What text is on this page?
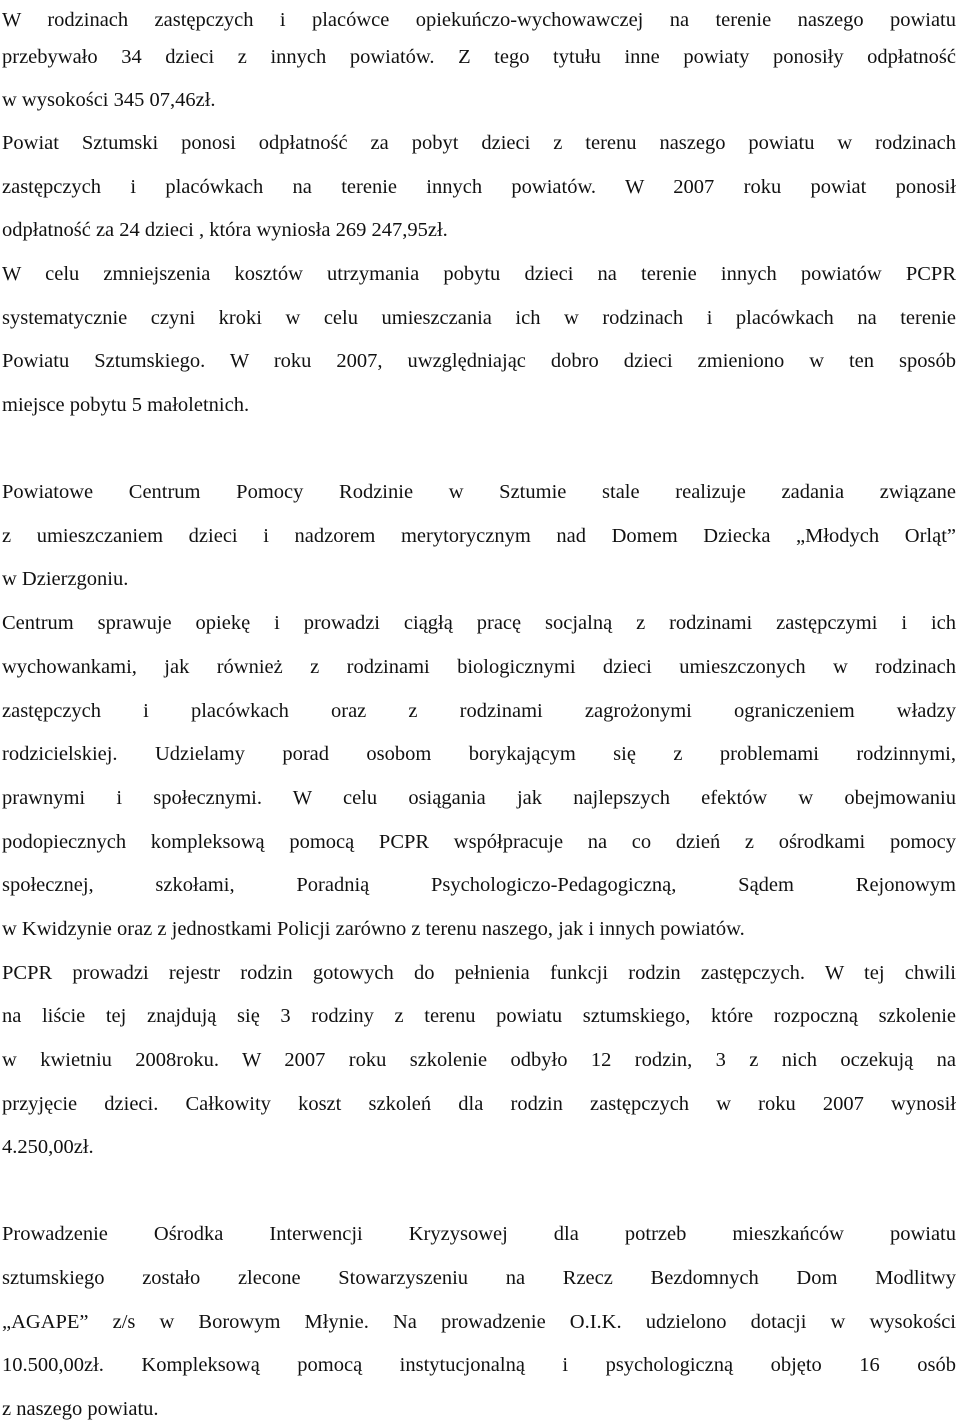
W rodzinach zastępczych i placówce opiekuńczo-wychowawczej na terenie naszego powiatu
przebywało 34 dzieci z innych powiatów. Z tego tytułu inne powiaty ponosiły odpłatność
w wysokości 345 07,46zł.
Powiat Sztumski ponosi odpłatność za pobyt dzieci z terenu naszego powiatu w rodzinach
zastępczych i placówkach na terenie innych powiatów. W 2007 roku powiat ponosił
odpłatność za 24 dzieci , która wyniosła 269 247,95zł.
W celu zmniejszenia kosztów utrzymania pobytu dzieci na terenie innych powiatów PCPR
systematycznie czyni kroki w celu umieszczania ich w rodzinach i placówkach na terenie
Powiatu Sztumskiego. W roku 2007, uwzględniając dobro dzieci zmieniono w ten sposób
miejsce pobytu 5 małoletnich.
Powiatowe Centrum Pomocy Rodzinie w Sztumie stale realizuje zadania związane
z umieszczaniem dzieci i nadzorem merytorycznym nad Domem Dziecka „Młodych Orląt”
w Dzierzgoniu.
Centrum sprawuje opiekę i prowadzi ciągłą pracę socjalną z rodzinami zastępczymi i ich
wychowankami, jak również z rodzinami biologicznymi dzieci umieszczonych w rodzinach
zastępczych i placówkach oraz z rodzinami zagrożonymi ograniczeniem władzy
rodzicielskiej. Udzielamy porad osobom borykającym się z problemami rodzinnymi,
prawnymi i społecznymi. W celu osiągania jak najlepszych efektów w obejmowaniu
podopiecznych kompleksową pomocą PCPR współpracuje na co dzień z ośrodkami pomocy
społecznej, szkołami, Poradnią Psychologiczo-Pedagogiczną, Sądem Rejonowym
w Kwidzynie oraz z jednostkami Policji zarówno z terenu naszego, jak i innych powiatów.
PCPR prowadzi rejestr rodzin gotowych do pełnienia funkcji rodzin zastępczych. W tej chwili
na liście tej znajdują się 3 rodziny z terenu powiatu sztumskiego, które rozpoczną szkolenie
w kwietniu 2008roku. W 2007 roku szkolenie odbyło 12 rodzin, 3 z nich oczekują na
przyjęcie dzieci. Całkowity koszt szkoleń dla rodzin zastępczych w roku 2007 wynosił
4.250,00zł.
Prowadzenie Ośrodka Interwencji Kryzysowej dla potrzeb mieszkańców powiatu
sztumskiego zostało zlecone Stowarzyszeniu na Rzecz Bezdomnych Dom Modlitwy
„AGAPE” z/s w Borowym Młynie. Na prowadzenie O.I.K. udzielono dotacji w wysokości
10.500,00zł. Kompleksową pomocą instytucjonalną i psychologiczną objęto 16 osób
z naszego powiatu.
